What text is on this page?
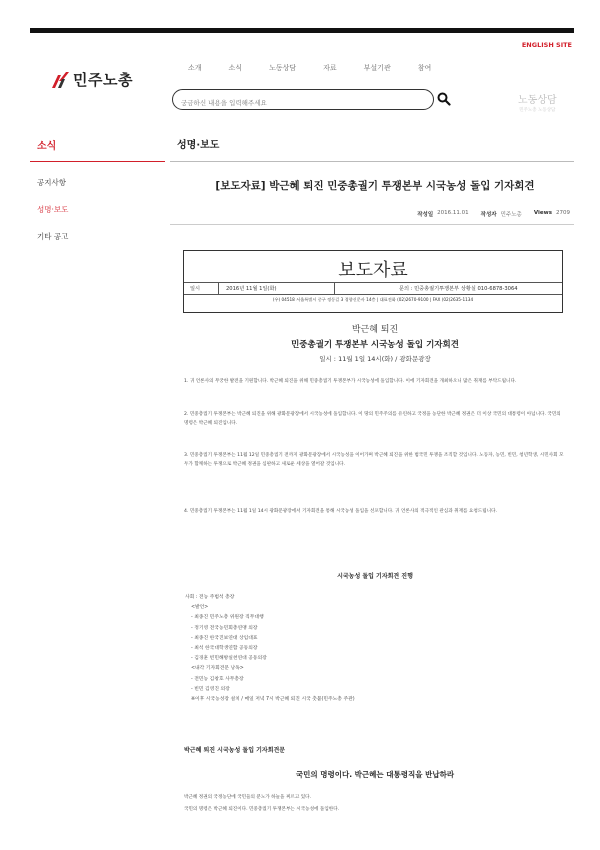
ENGLISH SITE
민주노총
소개	소식	노동상담	자료	부설기관	참여
궁금하신 내용을 입력해주세요
노동상담
민주노총 노동상담
소식
공지사항
성명·보도
기타 공고
성명·보도
[보도자료] 박근혜 퇴진 민중총궐기 투쟁본부 시국농성 돌입 기자회견
작성일 2016.11.01 작성자 민주노총 Views 2709
보도자료
일시	2016년 11월 1일(화)	문의 : 민중총궐기투쟁본부 상황실 010-6878-3064
(우) 04518 서울특별시 중구 정동길 3 경향신문사 14층 | 대표전화 (02)2670-9100 | FAX (02)2635-1134
박근혜 퇴진
민중총궐기 투쟁본부 시국농성 돌입 기자회견
일시 : 11월 1일 14시(화) / 광화문광장
1. 귀 언론사의 무궁한 발전을 기원합니다. 박근혜 퇴진을 위해 민중총궐기 투쟁본부가 시국농성에 돌입합니다. 이에 기자회견을 개최하오니 많은 취재를 부탁드립니다.
2. 민중총궐기 투쟁본부는 박근혜 퇴진을 위해 광화문광장에서 시국농성에 돌입합니다. 이 땅의 민주주의를 유린하고 국정을 농단한 박근혜 정권은 더 이상 국민의 대통령이 아닙니다. 국민의 명령은 박근혜 퇴진입니다.
3. 민중총궐기 투쟁본부는 11월 12일 민중총궐기 전까지 광화문광장에서 시국농성을 이어가며 박근혜 퇴진을 위한 범국민 투쟁을 조직할 것입니다. 노동자, 농민, 빈민, 청년학생, 시민사회 모두가 함께하는 투쟁으로 박근혜 정권을 심판하고 새로운 세상을 열어갈 것입니다.
4. 민중총궐기 투쟁본부는 11월 1일 14시 광화문광장에서 기자회견을 통해 시국농성 돌입을 선포합니다. 귀 언론사의 적극적인 관심과 취재를 요청드립니다.
시국농성 돌입 기자회견 진행
사회 : 전농 주범석 총장
<발언>
- 최종진 민주노총 위원장 직무대행
- 정기영 전국농민회총연맹 의장
- 최종진 한국진보연대 상임대표
- 최석 한국대학생연합 공동의장
- 김경훈 빈민해방실천연대 공동의장
<내각 기자회견문 낭독>
- 전민농 김창호 사무총장
- 빈민 김영진 의장
※이후 시국농성장 설치 / 매일 저녁 7시 박근혜 퇴진 시국 촛불(민주노총 주관)
박근혜 퇴진 시국농성 돌입 기자회견문
국민의 명령이다. 박근혜는 대통령직을 반납하라
박근혜 정권의 국정농단에 국민들의 분노가 하늘을 찌르고 있다.
국민의 명령은 박근혜 퇴진이다. 민중총궐기 투쟁본부는 시국농성에 돌입한다.
